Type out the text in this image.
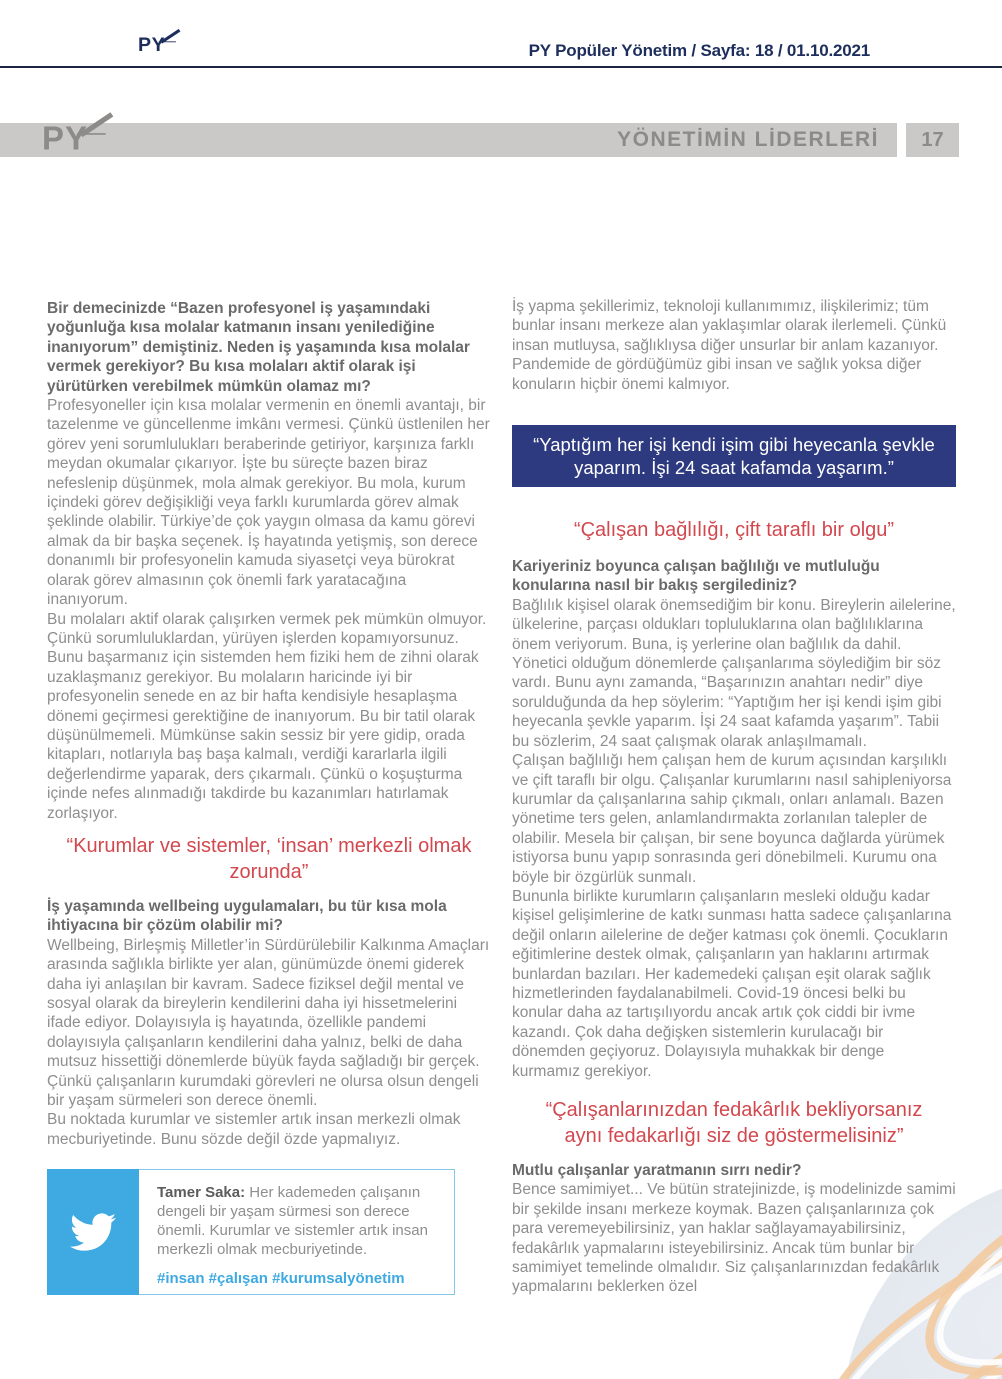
PY	PY Popüler Yönetim / Sayfa: 18 / 01.10.2021
YÖNETİMİN LİDERLERİ	17
PY

Bir demecinizde “Bazen profesyonel iş yaşamındaki yoğunluğa kısa molalar katmanın insanı yenilediğine inanıyorum” demiştiniz. Neden iş yaşamında kısa molalar vermek gerekiyor? Bu kısa molaları aktif olarak işi yürütürken verebilmek mümkün olamaz mı?

Profesyoneller için kısa molalar vermenin en önemli avantajı, bir tazelenme ve güncellenme imkânı vermesi. Çünkü üstlenilen her görev yeni sorumlulukları beraberinde getiriyor, karşınıza farklı meydan okumalar çıkarıyor. İşte bu süreçte bazen biraz nefeslenip düşünmek, mola almak gerekiyor. Bu mola, kurum içindeki görev değişikliği veya farklı kurumlarda görev almak şeklinde olabilir. Türkiye’de çok yaygın olmasa da kamu görevi almak da bir başka seçenek. İş hayatında yetişmiş, son derece donanımlı bir profesyonelin kamuda siyasetçi veya bürokrat olarak görev almasının çok önemli fark yaratacağına inanıyorum.

Bu molaları aktif olarak çalışırken vermek pek mümkün olmuyor. Çünkü sorumluluklardan, yürüyen işlerden kopamıyorsunuz. Bunu başarmanız için sistemden hem fiziki hem de zihni olarak uzaklaşmanız gerekiyor. Bu molaların haricinde iyi bir profesyonelin senede en az bir hafta kendisiyle hesaplaşma dönemi geçirmesi gerektiğine de inanıyorum. Bu bir tatil olarak düşünülmemeli. Mümkünse sakin sessiz bir yere gidip, orada kitapları, notlarıyla baş başa kalmalı, verdiği kararlarla ilgili değerlendirme yaparak, ders çıkarmalı. Çünkü o koşuşturma içinde nefes alınmadığı takdirde bu kazanımları hatırlamak zorlaşıyor.

“Kurumlar ve sistemler, ‘insan’ merkezli olmak zorunda”

İş yaşamında wellbeing uygulamaları, bu tür kısa mola ihtiyacına bir çözüm olabilir mi?

Wellbeing, Birleşmiş Milletler’in Sürdürülebilir Kalkınma Amaçları arasında sağlıkla birlikte yer alan, günümüzde önemi giderek daha iyi anlaşılan bir kavram. Sadece fiziksel değil mental ve sosyal olarak da bireylerin kendilerini daha iyi hissetmelerini ifade ediyor. Dolayısıyla iş hayatında, özellikle pandemi dolayısıyla çalışanların kendilerini daha yalnız, belki de daha mutsuz hissettiği dönemlerde büyük fayda sağladığı bir gerçek. Çünkü çalışanların kurumdaki görevleri ne olursa olsun dengeli bir yaşam sürmeleri son derece önemli.

Bu noktada kurumlar ve sistemler artık insan merkezli olmak mecburiyetinde. Bunu sözde değil özde yapmalıyız.

Tamer Saka: Her kademeden çalışanın dengeli bir yaşam sürmesi son derece önemli. Kurumlar ve sistemler artık insan merkezli olmak mecburiyetinde.

#insan #çalışan #kurumsalyönetim

İş yapma şekillerimiz, teknoloji kullanımımız, ilişkilerimiz; tüm bunlar insanı merkeze alan yaklaşımlar olarak ilerlemeli. Çünkü insan mutluysa, sağlıklıysa diğer unsurlar bir anlam kazanıyor. Pandemide de gördüğümüz gibi insan ve sağlık yoksa diğer konuların hiçbir önemi kalmıyor.

“Yaptığım her işi kendi işim gibi heyecanla şevkle yaparım. İşi 24 saat kafamda yaşarım.”

“Çalışan bağlılığı, çift taraflı bir olgu”

Kariyeriniz boyunca çalışan bağlılığı ve mutluluğu konularına nasıl bir bakış sergilediniz?

Bağlılık kişisel olarak önemsediğim bir konu. Bireylerin ailelerine, ülkelerine, parçası oldukları topluluklarına olan bağlılıklarına önem veriyorum. Buna, iş yerlerine olan bağlılık da dahil. Yönetici olduğum dönemlerde çalışanlarıma söylediğim bir söz vardı. Bunu aynı zamanda, “Başarınızın anahtarı nedir” diye sorulduğunda da hep söylerim: “Yaptığım her işi kendi işim gibi heyecanla şevkle yaparım. İşi 24 saat kafamda yaşarım”. Tabii bu sözlerim, 24 saat çalışmak olarak anlaşılmamalı.

Çalışan bağlılığı hem çalışan hem de kurum açısından karşılıklı ve çift taraflı bir olgu. Çalışanlar kurumlarını nasıl sahipleniyorsa kurumlar da çalışanlarına sahip çıkmalı, onları anlamalı. Bazen yönetime ters gelen, anlamlandırmakta zorlanılan talepler de olabilir. Mesela bir çalışan, bir sene boyunca dağlarda yürümek istiyorsa bunu yapıp sonrasında geri dönebilmeli. Kurumu ona böyle bir özgürlük sunmalı.

Bununla birlikte kurumların çalışanların mesleki olduğu kadar kişisel gelişimlerine de katkı sunması hatta sadece çalışanlarına değil onların ailelerine de değer katması çok önemli. Çocukların eğitimlerine destek olmak, çalışanların yan haklarını artırmak bunlardan bazıları. Her kademedeki çalışan eşit olarak sağlık hizmetlerinden faydalanabilmeli. Covid-19 öncesi belki bu konular daha az tartışılıyordu ancak artık çok ciddi bir ivme kazandı. Çok daha değişken sistemlerin kurulacağı bir dönemden geçiyoruz. Dolayısıyla muhakkak bir denge kurmamız gerekiyor.

“Çalışanlarınızdan fedakârlık bekliyorsanız aynı fedakarlığı siz de göstermelisiniz”

Mutlu çalışanlar yaratmanın sırrı nedir?

Bence samimiyet... Ve bütün stratejinizde, iş modelinizde samimi bir şekilde insanı merkeze koymak. Bazen çalışanlarınıza çok para veremeyebilirsiniz, yan haklar sağlayamayabilirsiniz, fedakârlık yapmalarını isteyebilirsiniz. Ancak tüm bunlar bir samimiyet temelinde olmalıdır. Siz çalışanlarınızdan fedakârlık yapmalarını beklerken özel
